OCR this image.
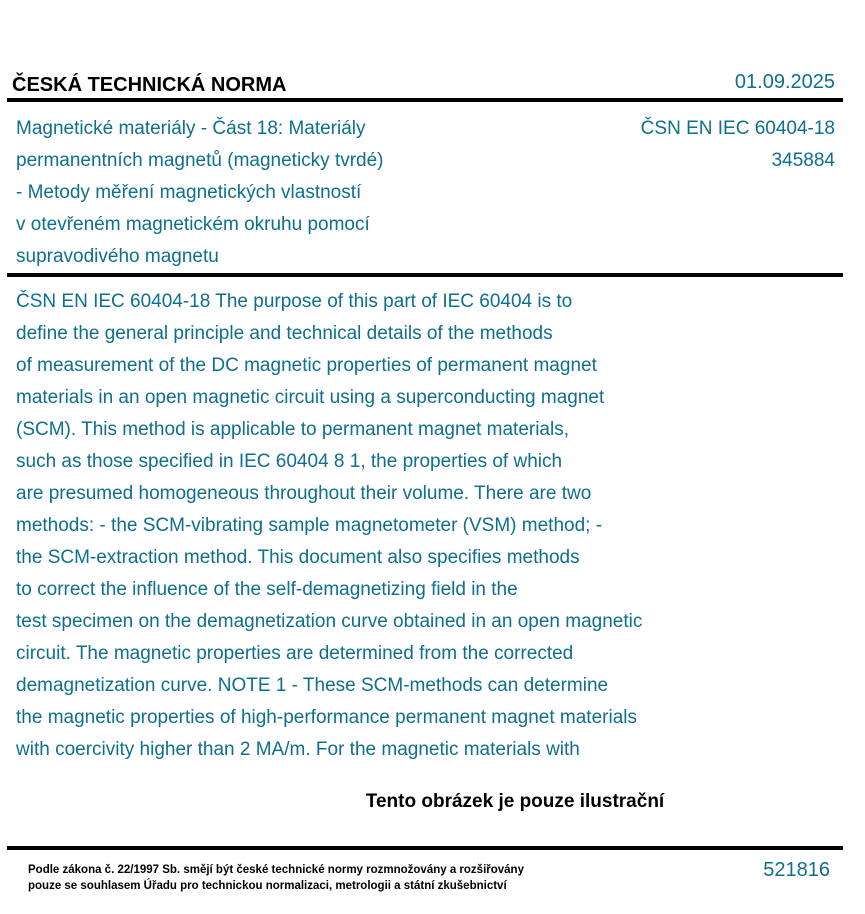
ČESKÁ TECHNICKÁ NORMA	01.09.2025
Magnetické materiály - Část 18: Materiály
permanentních magnetů (magneticky tvrdé)
- Metody měření magnetických vlastností
v otevřeném magnetickém okruhu pomocí
supravodivého magnetu
ČSN EN IEC 60404-18
345884
ČSN EN IEC 60404-18 The purpose of this part of IEC 60404 is to
define the general principle and technical details of the methods
of measurement of the DC magnetic properties of permanent magnet
materials in an open magnetic circuit using a superconducting magnet
(SCM). This method is applicable to permanent magnet materials,
such as those specified in IEC 60404 8 1, the properties of which
are presumed homogeneous throughout their volume. There are two
methods: - the SCM-vibrating sample magnetometer (VSM) method; -
the SCM-extraction method. This document also specifies methods
to correct the influence of the self-demagnetizing field in the
test specimen on the demagnetization curve obtained in an open magnetic
circuit. The magnetic properties are determined from the corrected
demagnetization curve. NOTE 1 - These SCM-methods can determine
the magnetic properties of high-performance permanent magnet materials
with coercivity higher than 2 MA/m. For the magnetic materials with
Tento obrázek je pouze ilustrační
Podle zákona č. 22/1997 Sb. smějí být české technické normy rozmnožovány a rozšiřovány
pouze se souhlasem Úřadu pro technickou normalizaci, metrologii a státní zkušebnictví
521816
